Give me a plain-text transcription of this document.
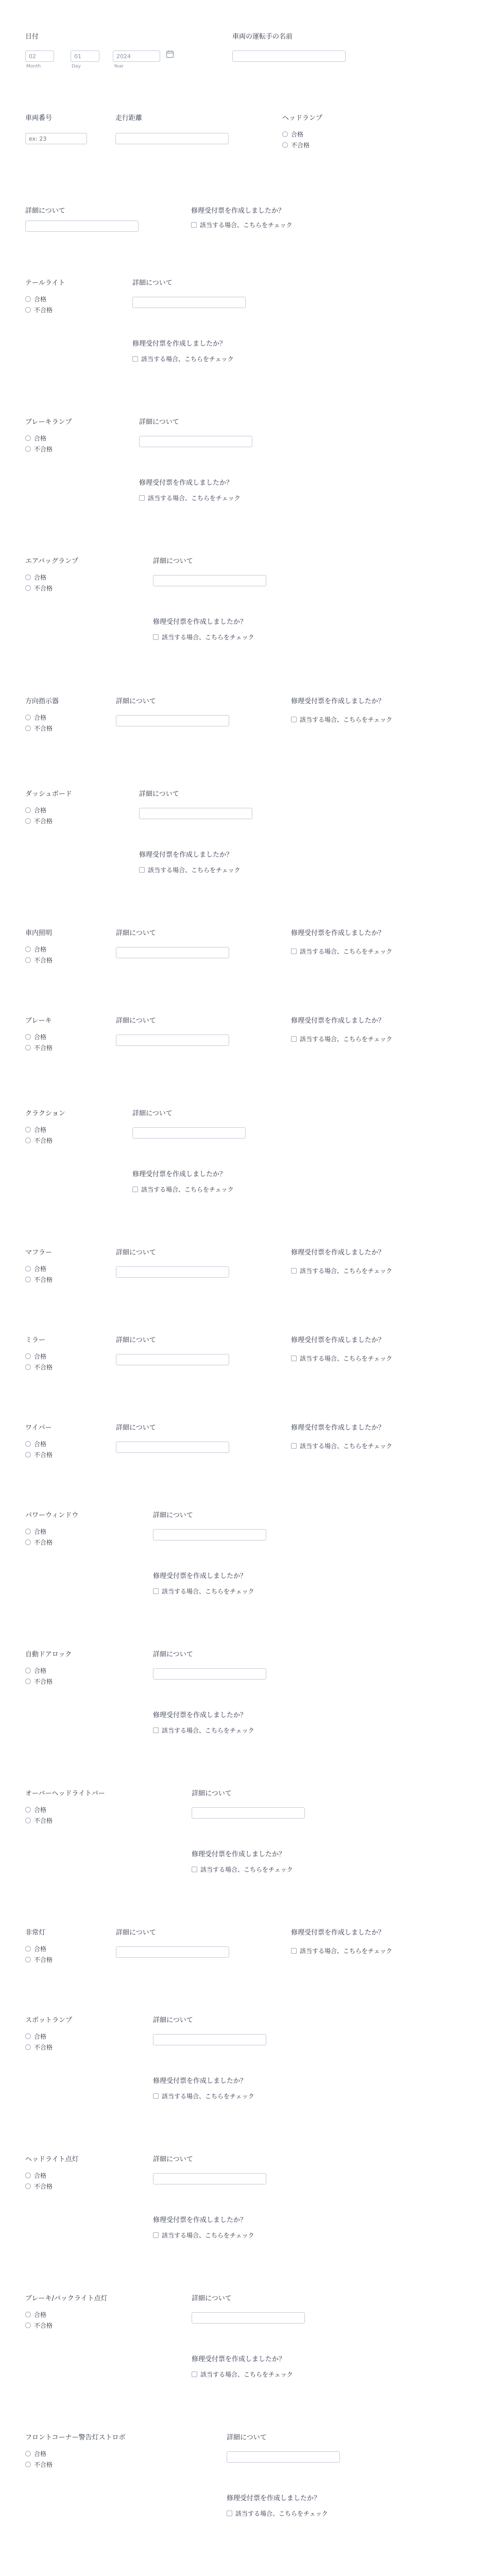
日付
02
Month
01	Day
2024	Year
車両の運転手の名前
車両番号
ex: 23	走行距離	ヘッドランプ
合格
不合格
詳細について	修理受付票を作成しましたか？
該当する場合、こちらをチェック
テールライト
合格
不合格
詳細について
修理受付票を作成しましたか？
該当する場合、こちらをチェック
ブレーキランプ
合格
不合格
詳細について
修理受付票を作成しましたか？
該当する場合、こちらをチェック
エアバッグランプ
合格
不合格
詳細について
修理受付票を作成しましたか？
該当する場合、こちらをチェック
方向指示器
合格
不合格
詳細について	修理受付票を作成しましたか？
該当する場合、こちらをチェック
ダッシュボード
合格
不合格
詳細について
修理受付票を作成しましたか？
該当する場合、こちらをチェック
車内照明
合格
不合格
詳細について	修理受付票を作成しましたか？
該当する場合、こちらをチェック
ブレーキ
合格
不合格
詳細について	修理受付票を作成しましたか？
該当する場合、こちらをチェック
クラクション
合格
不合格
詳細について
修理受付票を作成しましたか？
該当する場合、こちらをチェック
マフラー
合格
不合格
詳細について	修理受付票を作成しましたか？
該当する場合、こちらをチェック
ミラー
合格
不合格
詳細について	修理受付票を作成しましたか？
該当する場合、こちらをチェック
ワイパー
合格
不合格
詳細について	修理受付票を作成しましたか？
該当する場合、こちらをチェック
パワーウィンドウ
合格
不合格
詳細について
修理受付票を作成しましたか？
該当する場合、こちらをチェック
自動ドアロック
合格
不合格
詳細について
修理受付票を作成しましたか？
該当する場合、こちらをチェック
オーバーヘッドライトバー
合格
不合格
詳細について
修理受付票を作成しましたか？
該当する場合、こちらをチェック
非常灯
合格
不合格
詳細について	修理受付票を作成しましたか？
該当する場合、こちらをチェック
スポットランプ
合格
不合格
詳細について
修理受付票を作成しましたか？
該当する場合、こちらをチェック
ヘッドライト点灯
合格
不合格
詳細について
修理受付票を作成しましたか？
該当する場合、こちらをチェック
ブレーキ/バックライト点灯
合格
不合格
詳細について
修理受付票を作成しましたか？
該当する場合、こちらをチェック
フロントコーナー警告灯ストロボ
合格
不合格
詳細について
修理受付票を作成しましたか？
該当する場合、こちらをチェック
